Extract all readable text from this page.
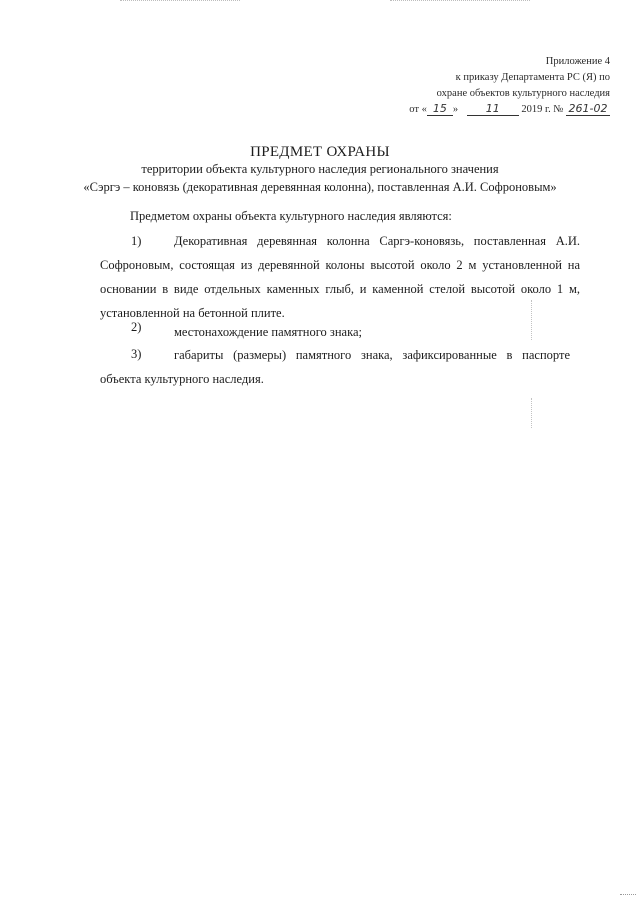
Приложение 4
к приказу Департамента РС (Я) по
охране объектов культурного наследия
от « 15 »	11 2019 г. № 261-02
ПРЕДМЕТ ОХРАНЫ
территории объекта культурного наследия регионального значения
«Сэргэ – коновязь (декоративная деревянная колонна), поставленная А.И. Софроновым»
Предметом охраны объекта культурного наследия являются:
1)	Декоративная деревянная колонна Саргэ-коновязь, поставленная А.И. Софроновым, состоящая из деревянной колоны высотой около 2 м установленной на основании в виде отдельных каменных глыб, и каменной стелой высотой около 1 м, установленной на бетонной плите.
2)	местонахождение памятного знака;
3)	габариты (размеры) памятного знака, зафиксированные в паспорте объекта культурного наследия.
